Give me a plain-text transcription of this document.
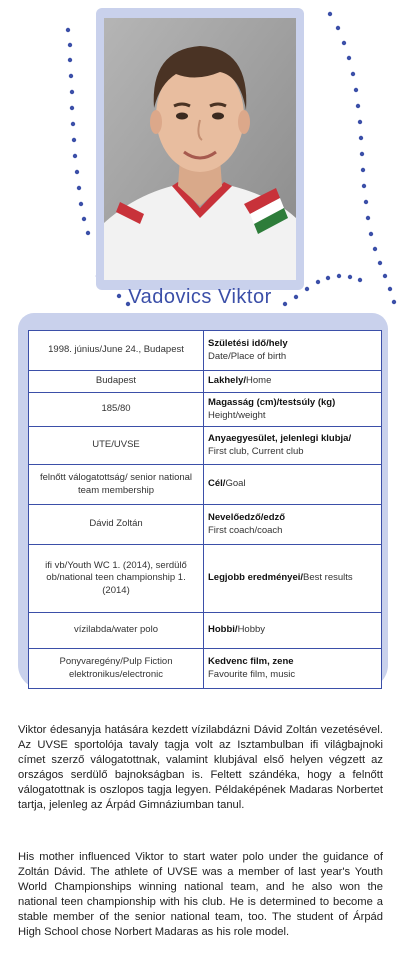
Vadovics Viktor
1998. június/June 24., Budapest	Születési idő/hely
Date/Place of birth
Budapest	Lakhely/Home
185/80	Magasság (cm)/testsúly (kg)
Height/weight
UTE/UVSE	Anyaegyesület, jelenlegi klubja/
First club, Current club
felnőtt válogatottság/ senior national team membership	Cél/Goal
Dávid Zoltán	Nevelőedző/edző
First coach/coach
ifi vb/Youth WC 1. (2014), serdülő ob/national teen championship 1. (2014)	Legjobb eredményei/Best results
vízilabda/water polo	Hobbi/Hobby
Ponyvaregény/Pulp Fiction elektronikus/electronic	Kedvenc film, zene
Favourite film, music

Viktor édesanyja hatására kezdett vízilabdázni Dávid Zoltán vezetésével. Az UVSE sportolója tavaly tagja volt az Isztambulban ifi világbajnoki címet szerző válogatottnak, valamint klubjával első helyen végzett az országos serdülő bajnokságban is. Feltett szándéka, hogy a felnőtt válogatottnak is oszlopos tagja legyen. Példaképének Madaras Norbertet tartja, jelenleg az Árpád Gimnáziumban tanul.

His mother influenced Viktor to start water polo under the guidance of Zoltán Dávid. The athlete of UVSE was a member of last year's Youth World Championships winning national team, and he also won the national teen championship with his club. He is determined to become a stable member of the senior national team, too. The student of Árpád High School chose Norbert Madaras as his role model.
